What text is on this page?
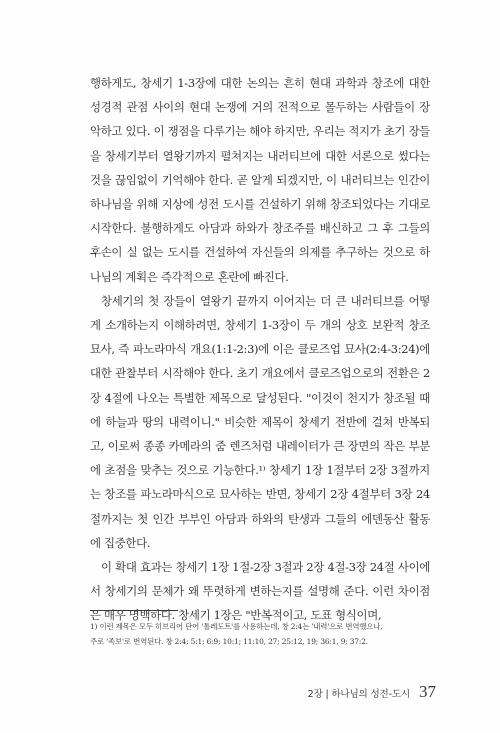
행하게도, 창세기 1-3장에 대한 논의는 흔히 현대 과학과 창조에 대한 성경적 관점 사이의 현대 논쟁에 거의 전적으로 몰두하는 사람들이 장악하고 있다. 이 쟁점을 다루기는 해야 하지만, 우리는 적지가 초기 장들을 창세기부터 열왕기까지 펼쳐지는 내러티브에 대한 서론으로 썼다는 것을 끊임없이 기억해야 한다. 곧 알게 되겠지만, 이 내러티브는 인간이 하나님을 위해 지상에 성전 도시를 건설하기 위해 창조되었다는 기대로 시작한다. 불행하게도 아담과 하와가 창조주를 배신하고 그 후 그들의 후손이 실 없는 도시를 건설하여 자신들의 의제를 추구하는 것으로 하나님의 계획은 즉각적으로 혼란에 빠진다.

창세기의 첫 장들이 열왕기 끝까지 이어지는 더 큰 내러티브를 어떻게 소개하는지 이해하려면, 창세기 1-3장이 두 개의 상호 보완적 창조 묘사, 즉 파노라마식 개요(1:1-2:3)에 이은 클로즈업 묘사(2:4-3:24)에 대한 관찰부터 시작해야 한다. 초기 개요에서 클로즈업으로의 전환은 2장 4절에 나오는 특별한 제목으로 달성된다. "이것이 천지가 창조될 때에 하늘과 땅의 내력이니." 비슷한 제목이 창세기 전반에 걸쳐 반복되고, 이로써 종종 카메라의 줌 렌즈처럼 내레이터가 큰 장면의 작은 부분에 초점을 맞추는 것으로 기능한다.¹⁾ 창세기 1장 1절부터 2장 3절까지는 창조를 파노라마식으로 묘사하는 반면, 창세기 2장 4절부터 3장 24절까지는 첫 인간 부부인 아담과 하와의 탄생과 그들의 에덴동산 활동에 집중한다.

이 확대 효과는 창세기 1장 1절-2장 3절과 2장 4절-3장 24절 사이에서 창세기의 문체가 왜 뚜렷하게 변하는지를 설명해 준다. 이런 차이점은 매우 명백하다. 창세기 1장은 "반복적이고, 도표 형식이며,

1) 이런 제목은 모두 히브리어 단어 '톨레도트'를 사용하는데, 창 2:4는 '내력'으로 번역했으나,

주로 '족보'로 번역된다. 창 2:4; 5:1; 6:9; 10:1; 11:10, 27; 25:12, 19; 36:1, 9; 37:2.

2장 | 하나님의 성전-도시 37
